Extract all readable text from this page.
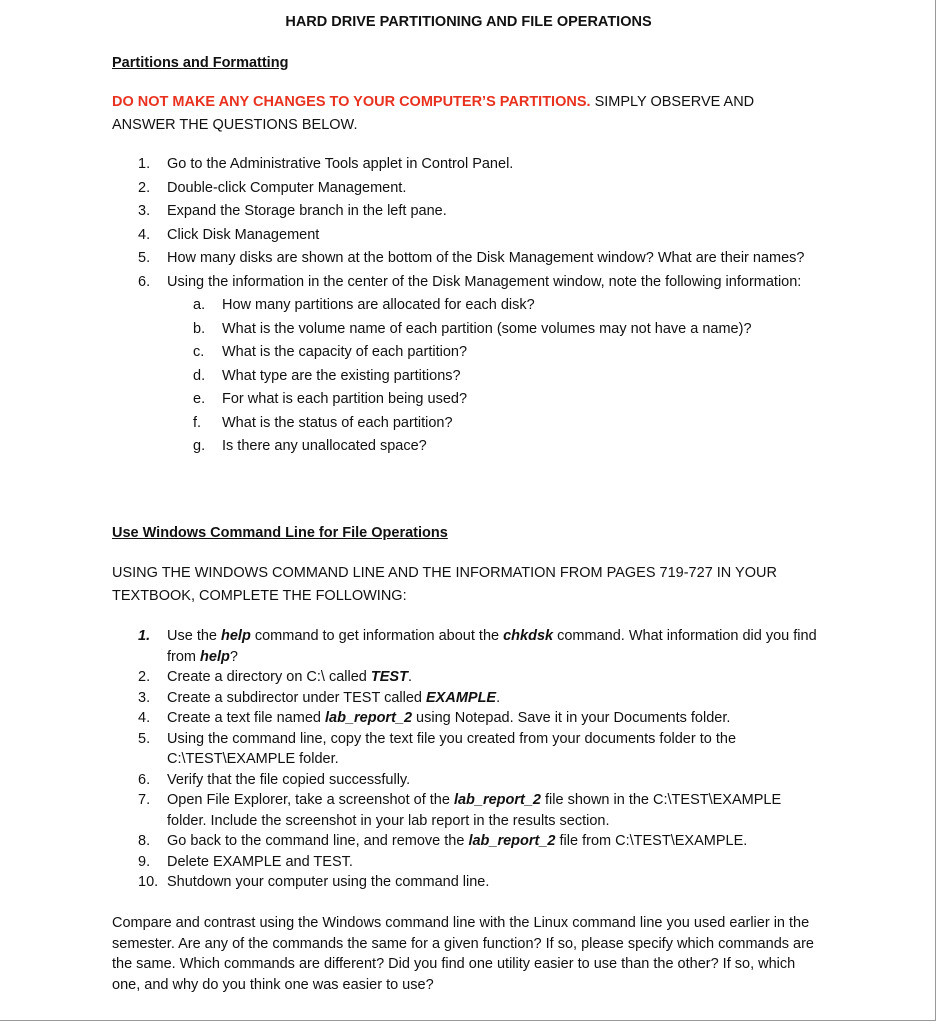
HARD DRIVE PARTITIONING AND FILE OPERATIONS
Partitions and Formatting

DO NOT MAKE ANY CHANGES TO YOUR COMPUTER’S PARTITIONS. SIMPLY OBSERVE AND ANSWER THE QUESTIONS BELOW.

1.	Go to the Administrative Tools applet in Control Panel.
2.	Double-click Computer Management.
3.	Expand the Storage branch in the left pane.
4.	Click Disk Management
5.	How many disks are shown at the bottom of the Disk Management window? What are their names?
6.	Using the information in the center of the Disk Management window, note the following information:
a.	How many partitions are allocated for each disk?
b.	What is the volume name of each partition (some volumes may not have a name)?
c.	What is the capacity of each partition?
d.	What type are the existing partitions?
e.	For what is each partition being used?
f.	What is the status of each partition?
g.	Is there any unallocated space?
Use Windows Command Line for File Operations

USING THE WINDOWS COMMAND LINE AND THE INFORMATION FROM PAGES 719-727 IN YOUR TEXTBOOK, COMPLETE THE FOLLOWING:

1.	Use the help command to get information about the chkdsk command. What information did you find from help?
2.	Create a directory on C:\ called TEST.
3.	Create a subdirector under TEST called EXAMPLE.
4.	Create a text file named lab_report_2 using Notepad. Save it in your Documents folder.
5.	Using the command line, copy the text file you created from your documents folder to the C:\TEST\EXAMPLE folder.
6.	Verify that the file copied successfully.
7.	Open File Explorer, take a screenshot of the lab_report_2 file shown in the C:\TEST\EXAMPLE folder. Include the screenshot in your lab report in the results section.
8.	Go back to the command line, and remove the lab_report_2 file from C:\TEST\EXAMPLE.
9.	Delete EXAMPLE and TEST.
10. Shutdown your computer using the command line.

Compare and contrast using the Windows command line with the Linux command line you used earlier in the semester. Are any of the commands the same for a given function? If so, please specify which commands are the same. Which commands are different? Did you find one utility easier to use than the other? If so, which one, and why do you think one was easier to use?
